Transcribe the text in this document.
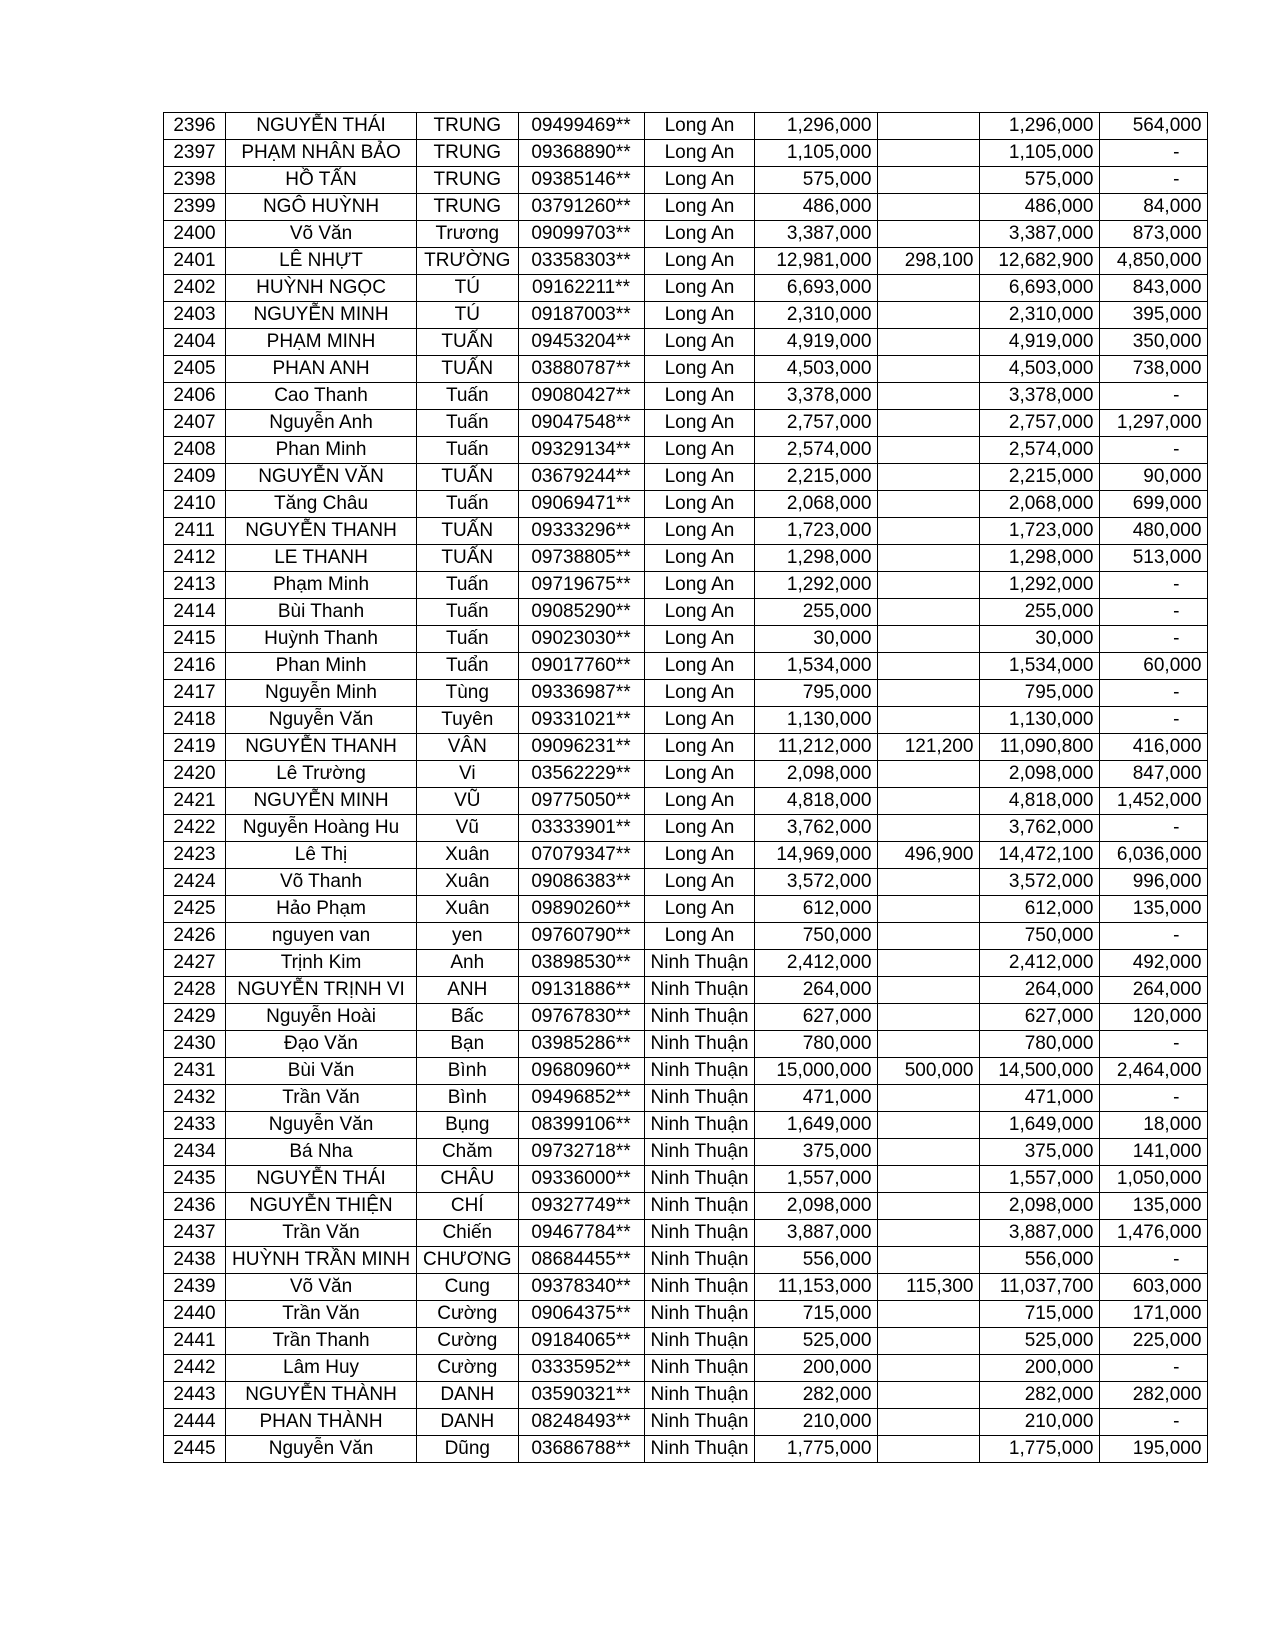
2396	NGUYỄN THÁI	TRUNG	09499469**	Long An	1,296,000		1,296,000	564,000
2397	PHẠM NHÂN BẢO	TRUNG	09368890**	Long An	1,105,000		1,105,000	-
2398	HỒ TẤN	TRUNG	09385146**	Long An	575,000		575,000	-
2399	NGÔ HUỲNH	TRUNG	03791260**	Long An	486,000		486,000	84,000
2400	Võ Văn	Trương	09099703**	Long An	3,387,000		3,387,000	873,000
2401	LÊ NHỰT	TRƯỜNG	03358303**	Long An	12,981,000	298,100	12,682,900	4,850,000
2402	HUỲNH NGỌC	TÚ	09162211**	Long An	6,693,000		6,693,000	843,000
2403	NGUYỄN MINH	TÚ	09187003**	Long An	2,310,000		2,310,000	395,000
2404	PHẠM MINH	TUẤN	09453204**	Long An	4,919,000		4,919,000	350,000
2405	PHAN ANH	TUẤN	03880787**	Long An	4,503,000		4,503,000	738,000
2406	Cao Thanh	Tuấn	09080427**	Long An	3,378,000		3,378,000	-
2407	Nguyễn Anh	Tuấn	09047548**	Long An	2,757,000		2,757,000	1,297,000
2408	Phan Minh	Tuấn	09329134**	Long An	2,574,000		2,574,000	-
2409	NGUYỄN VĂN	TUẤN	03679244**	Long An	2,215,000		2,215,000	90,000
2410	Tăng Châu	Tuấn	09069471**	Long An	2,068,000		2,068,000	699,000
2411	NGUYỄN THANH	TUẤN	09333296**	Long An	1,723,000		1,723,000	480,000
2412	LE THANH	TUẤN	09738805**	Long An	1,298,000		1,298,000	513,000
2413	Phạm Minh	Tuấn	09719675**	Long An	1,292,000		1,292,000	-
2414	Bùi Thanh	Tuấn	09085290**	Long An	255,000		255,000	-
2415	Huỳnh Thanh	Tuấn	09023030**	Long An	30,000		30,000	-
2416	Phan Minh	Tuẩn	09017760**	Long An	1,534,000		1,534,000	60,000
2417	Nguyễn Minh	Tùng	09336987**	Long An	795,000		795,000	-
2418	Nguyễn Văn	Tuyên	09331021**	Long An	1,130,000		1,130,000	-
2419	NGUYỄN THANH	VÂN	09096231**	Long An	11,212,000	121,200	11,090,800	416,000
2420	Lê Trường	Vi	03562229**	Long An	2,098,000		2,098,000	847,000
2421	NGUYỄN MINH	VŨ	09775050**	Long An	4,818,000		4,818,000	1,452,000
2422	Nguyễn Hoàng Hu	Vũ	03333901**	Long An	3,762,000		3,762,000	-
2423	Lê Thị	Xuân	07079347**	Long An	14,969,000	496,900	14,472,100	6,036,000
2424	Võ Thanh	Xuân	09086383**	Long An	3,572,000		3,572,000	996,000
2425	Hảo Phạm	Xuân	09890260**	Long An	612,000		612,000	135,000
2426	nguyen van	yen	09760790**	Long An	750,000		750,000	-
2427	Trịnh Kim	Anh	03898530**	Ninh Thuận	2,412,000		2,412,000	492,000
2428	NGUYỄN TRỊNH VI	ANH	09131886**	Ninh Thuận	264,000		264,000	264,000
2429	Nguyễn Hoài	Bấc	09767830**	Ninh Thuận	627,000		627,000	120,000
2430	Đạo Văn	Bạn	03985286**	Ninh Thuận	780,000		780,000	-
2431	Bùi Văn	Bình	09680960**	Ninh Thuận	15,000,000	500,000	14,500,000	2,464,000
2432	Trần Văn	Bình	09496852**	Ninh Thuận	471,000		471,000	-
2433	Nguyễn Văn	Bụng	08399106**	Ninh Thuận	1,649,000		1,649,000	18,000
2434	Bá Nha	Chăm	09732718**	Ninh Thuận	375,000		375,000	141,000
2435	NGUYỄN THÁI	CHÂU	09336000**	Ninh Thuận	1,557,000		1,557,000	1,050,000
2436	NGUYỄN THIỆN	CHÍ	09327749**	Ninh Thuận	2,098,000		2,098,000	135,000
2437	Trần Văn	Chiến	09467784**	Ninh Thuận	3,887,000		3,887,000	1,476,000
2438	HUỲNH TRẦN MINH	CHƯƠNG	08684455**	Ninh Thuận	556,000		556,000	-
2439	Võ Văn	Cung	09378340**	Ninh Thuận	11,153,000	115,300	11,037,700	603,000
2440	Trần Văn	Cường	09064375**	Ninh Thuận	715,000		715,000	171,000
2441	Trần Thanh	Cường	09184065**	Ninh Thuận	525,000		525,000	225,000
2442	Lâm Huy	Cường	03335952**	Ninh Thuận	200,000		200,000	-
2443	NGUYỄN THÀNH	DANH	03590321**	Ninh Thuận	282,000		282,000	282,000
2444	PHAN THÀNH	DANH	08248493**	Ninh Thuận	210,000		210,000	-
2445	Nguyễn Văn	Dũng	03686788**	Ninh Thuận	1,775,000		1,775,000	195,000
